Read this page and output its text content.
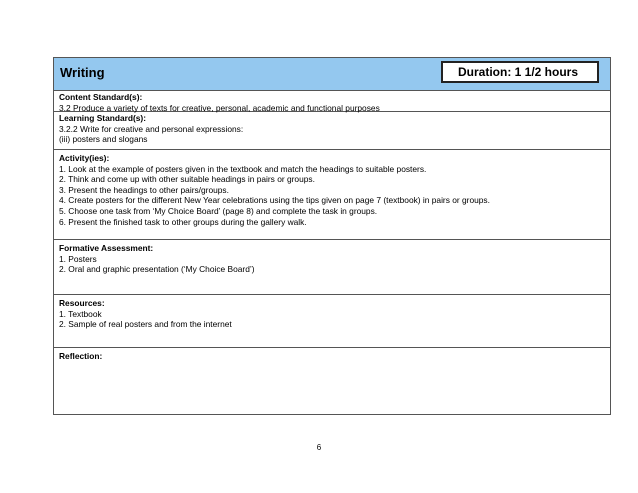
Writing	Duration: 1 1/2 hours
Content Standard(s):
3.2 Produce a variety of texts for creative, personal, academic and functional purposes
Learning Standard(s):
3.2.2 Write for creative and personal expressions:
(iii) posters and slogans
Activity(ies):
1. Look at the example of posters given in the textbook and match the headings to suitable posters.
2. Think and come up with other suitable headings in pairs or groups.
3. Present the headings to other pairs/groups.
4. Create posters for the different New Year celebrations using the tips given on page 7 (textbook) in pairs or groups.
5. Choose one task from ‘My Choice Board’ (page 8) and complete the task in groups.
6. Present the finished task to other groups during the gallery walk.
Formative Assessment:
1. Posters
2. Oral and graphic presentation (‘My Choice Board’)
Resources:
1. Textbook
2. Sample of real posters and from the internet
Reflection:
6
